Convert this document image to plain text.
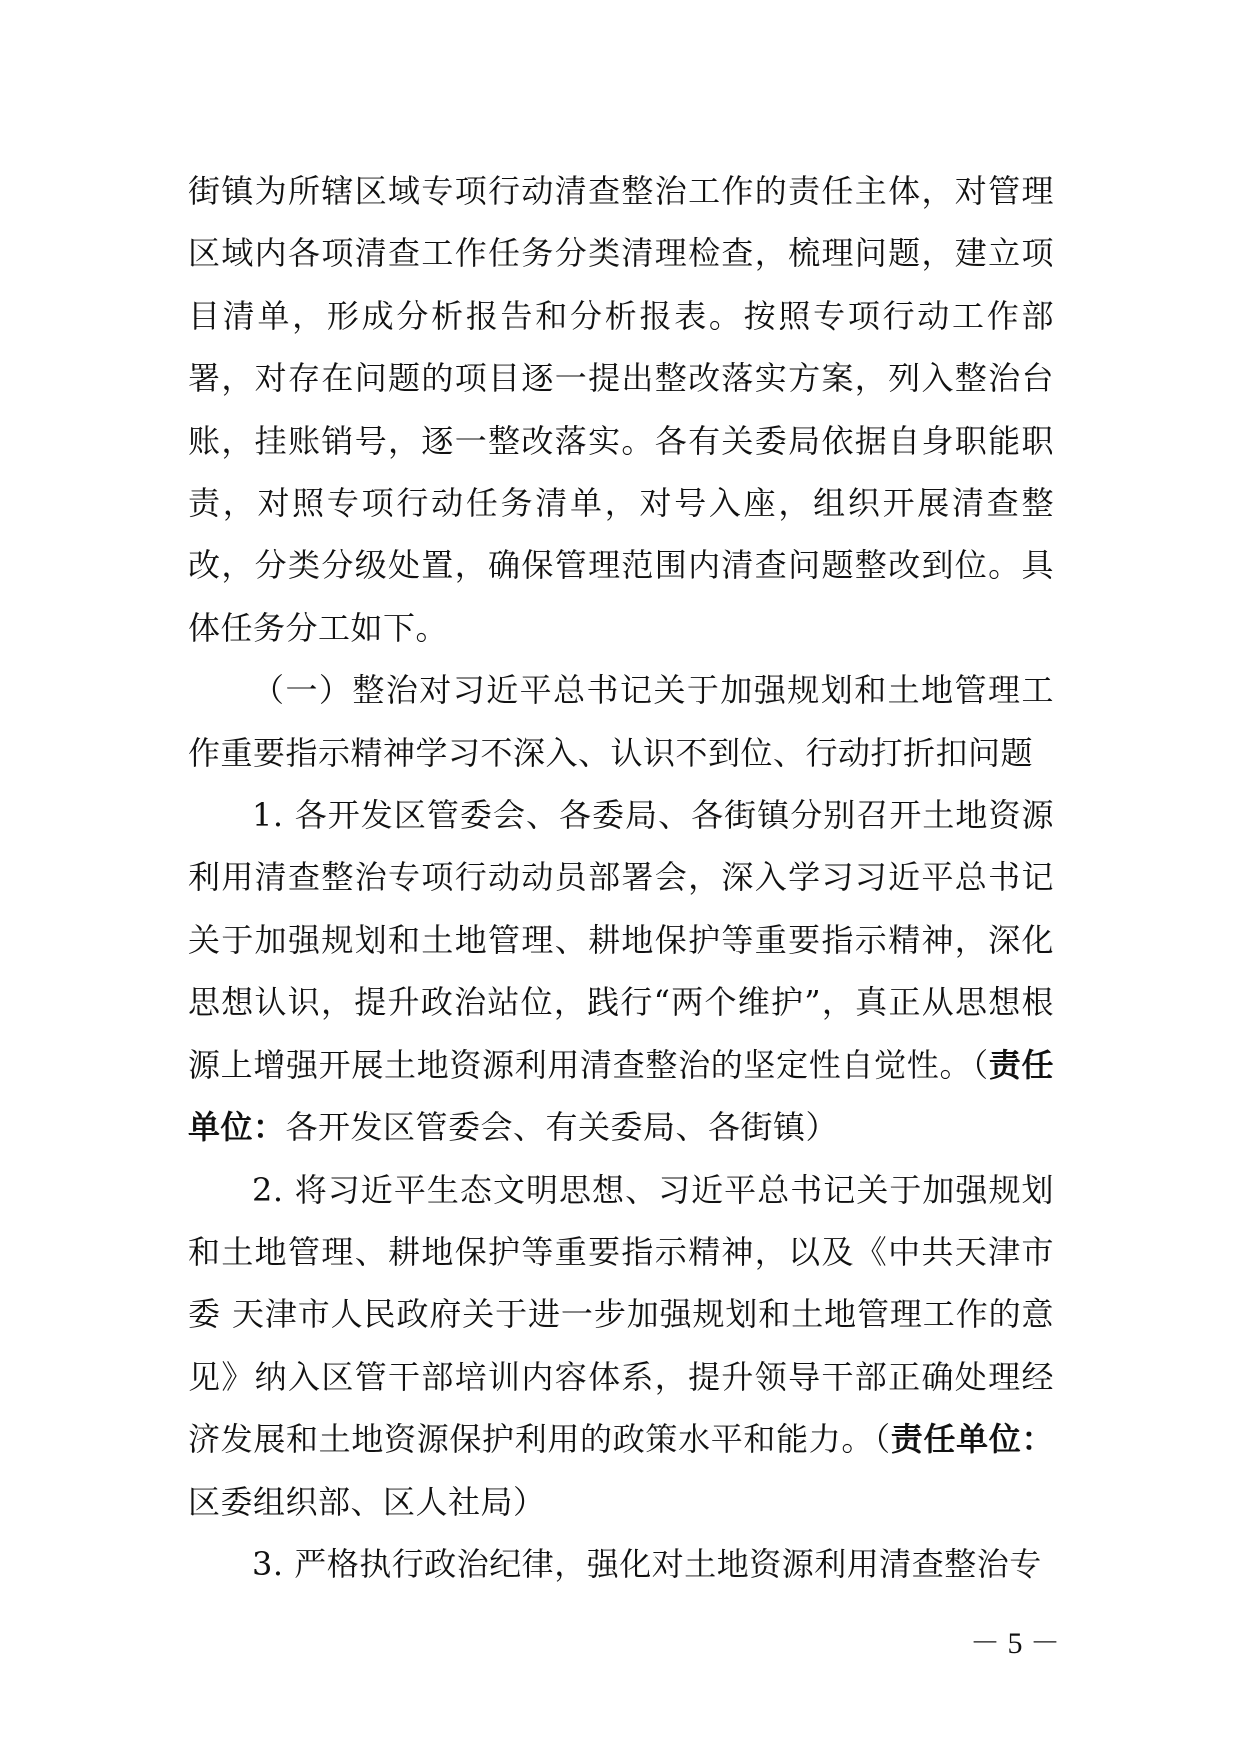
街镇为所辖区域专项行动清查整治工作的责任主体，对管理区域内各项清查工作任务分类清理检查，梳理问题，建立项目清单，形成分析报告和分析报表。按照专项行动工作部署，对存在问题的项目逐一提出整改落实方案，列入整治台账，挂账销号，逐一整改落实。各有关委局依据自身职能职责，对照专项行动任务清单，对号入座，组织开展清查整改，分类分级处置，确保管理范围内清查问题整改到位。具体任务分工如下。

（一）整治对习近平总书记关于加强规划和土地管理工作重要指示精神学习不深入、认识不到位、行动打折扣问题

1. 各开发区管委会、各委局、各街镇分别召开土地资源利用清查整治专项行动动员部署会，深入学习习近平总书记关于加强规划和土地管理、耕地保护等重要指示精神，深化思想认识，提升政治站位，践行“两个维护”，真正从思想根源上增强开展土地资源利用清查整治的坚定性自觉性。（责任单位：各开发区管委会、有关委局、各街镇）

2. 将习近平生态文明思想、习近平总书记关于加强规划和土地管理、耕地保护等重要指示精神，以及《中共天津市委 天津市人民政府关于进一步加强规划和土地管理工作的意见》纳入区管干部培训内容体系，提升领导干部正确处理经济发展和土地资源保护利用的政策水平和能力。（责任单位：区委组织部、区人社局）

3. 严格执行政治纪律，强化对土地资源利用清查整治专

－ 5 －
